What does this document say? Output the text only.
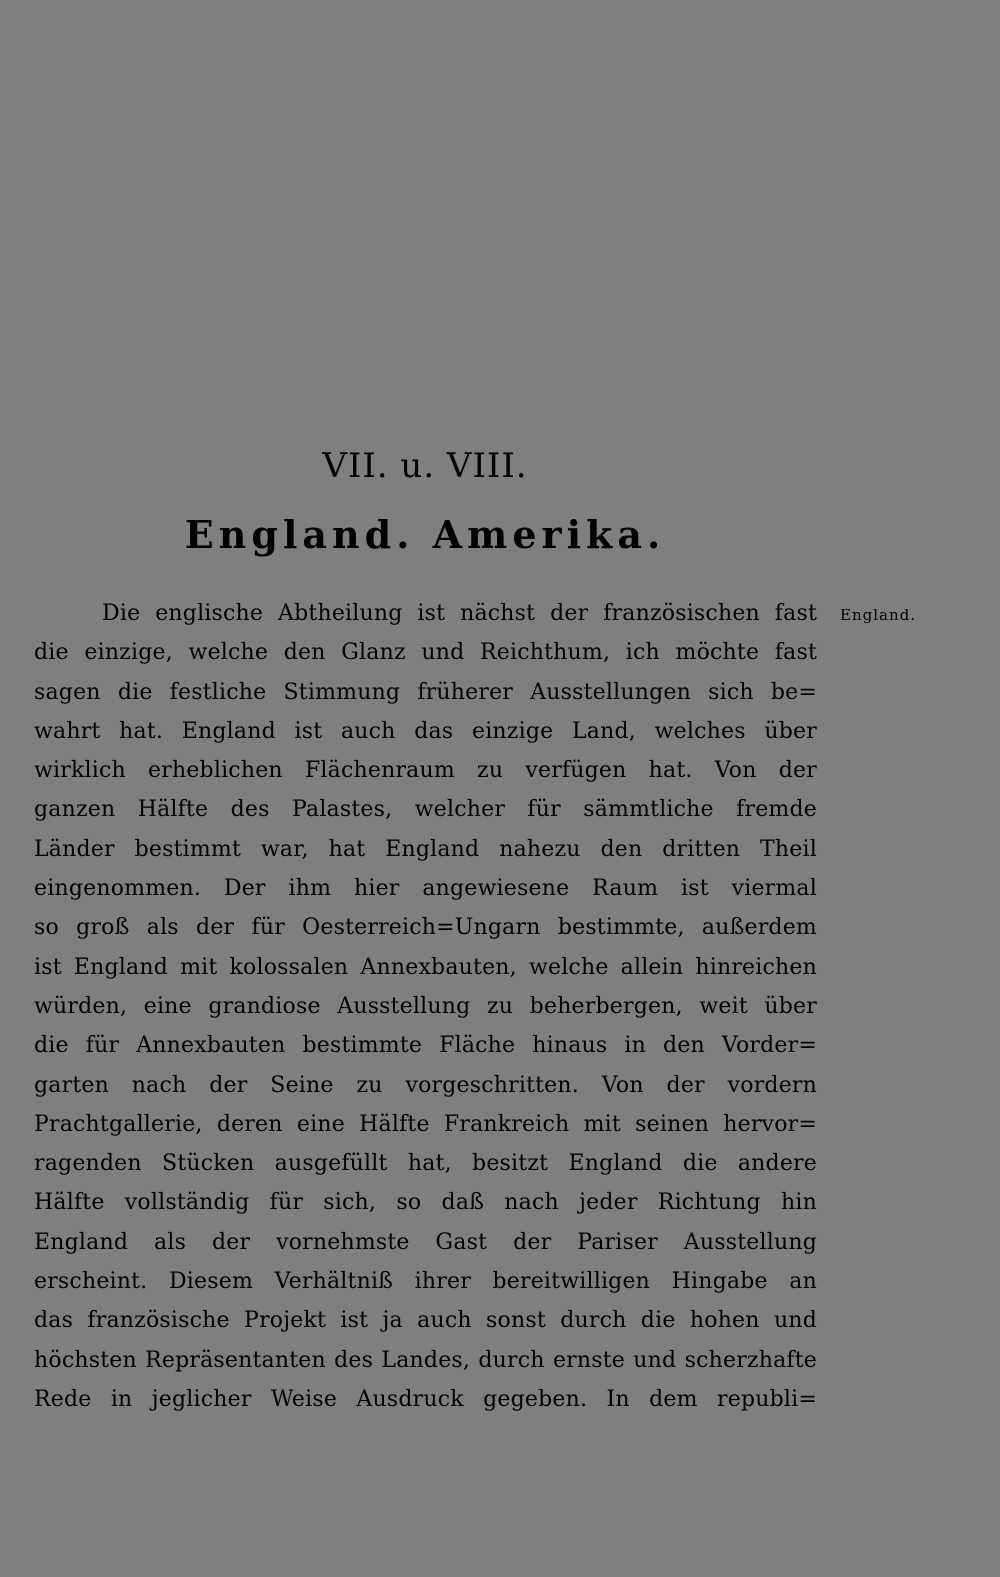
VII. u. VIII.
England. Amerika.
England.
Die englische Abtheilung ist nächst der französischen fast
die einzige, welche den Glanz und Reichthum, ich möchte fast
sagen die festliche Stimmung früherer Ausstellungen sich be=
wahrt hat. England ist auch das einzige Land, welches über
wirklich erheblichen Flächenraum zu verfügen hat. Von der
ganzen Hälfte des Palastes, welcher für sämmtliche fremde
Länder bestimmt war, hat England nahezu den dritten Theil
eingenommen. Der ihm hier angewiesene Raum ist viermal
so groß als der für Oesterreich=Ungarn bestimmte, außerdem
ist England mit kolossalen Annexbauten, welche allein hinreichen
würden, eine grandiose Ausstellung zu beherbergen, weit über
die für Annexbauten bestimmte Fläche hinaus in den Vorder=
garten nach der Seine zu vorgeschritten. Von der vordern
Prachtgallerie, deren eine Hälfte Frankreich mit seinen hervor=
ragenden Stücken ausgefüllt hat, besitzt England die andere
Hälfte vollständig für sich, so daß nach jeder Richtung hin
England als der vornehmste Gast der Pariser Ausstellung
erscheint. Diesem Verhältniß ihrer bereitwilligen Hingabe an
das französische Projekt ist ja auch sonst durch die hohen und
höchsten Repräsentanten des Landes, durch ernste und scherzhafte
Rede in jeglicher Weise Ausdruck gegeben. In dem republi=
